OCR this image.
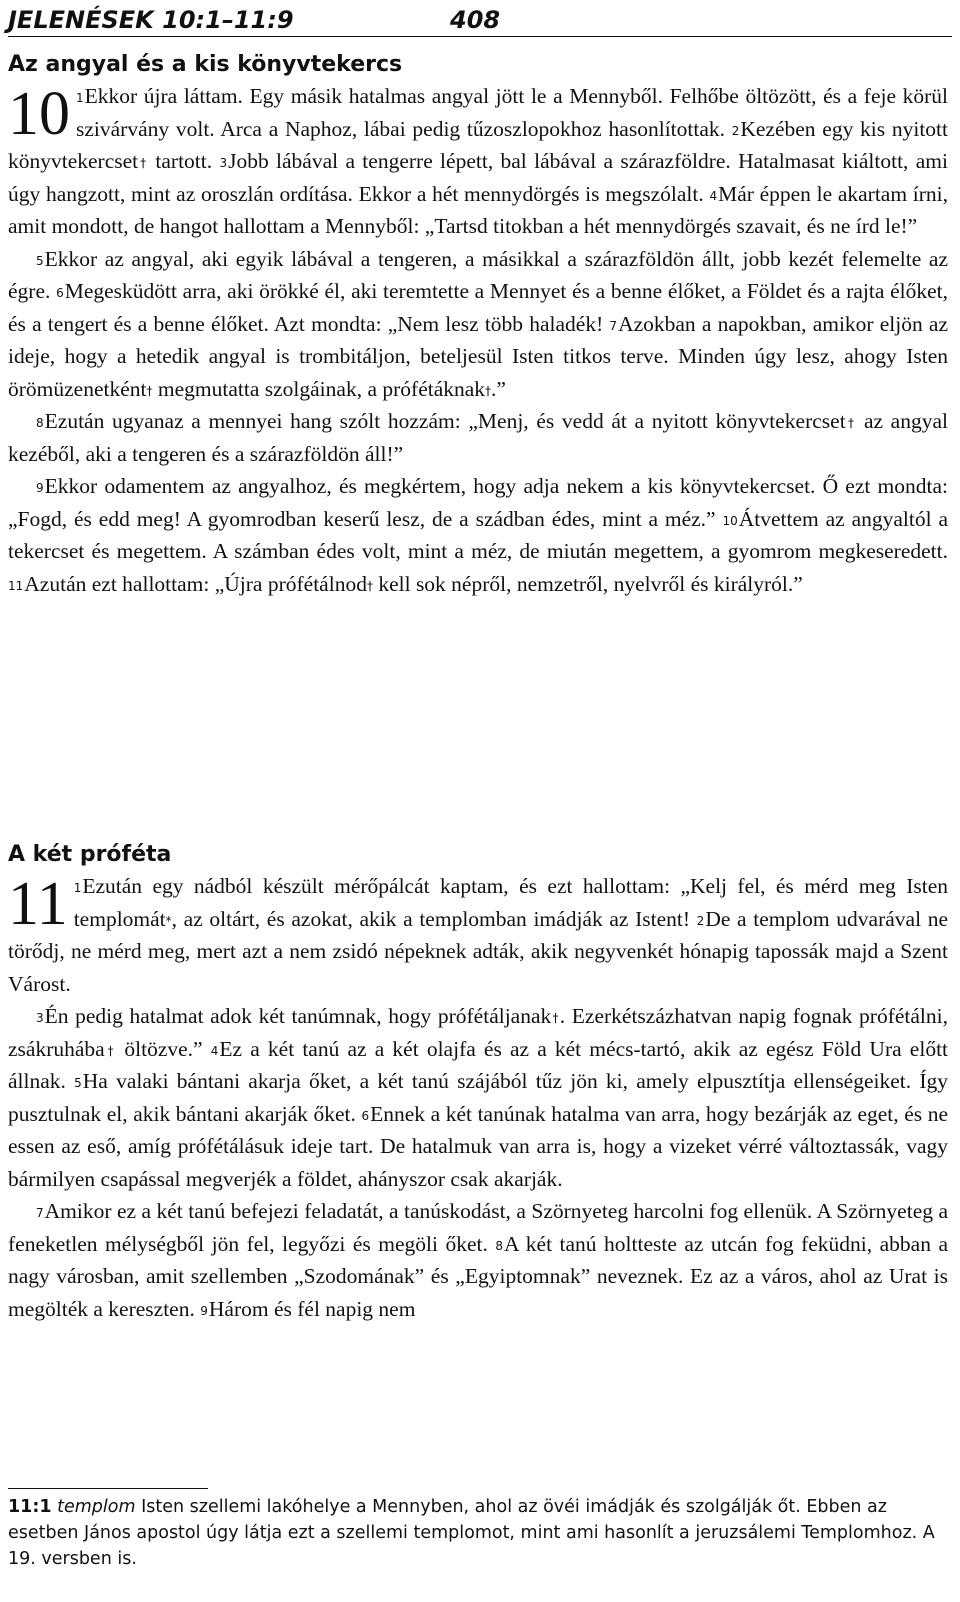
JELENÉSEK 10:1–11:9	408
Az angyal és a kis könyvtekercs

10 $^1$Ekkor újra láttam. Egy másik hatalmas angyal jött le a Mennyből. Felhőbe öltözött, és a feje körül szivárvány volt. Arca a Naphoz, lábai pedig tűzoszlopokhoz hasonlítottak. $^2$Kezében egy kis nyitott könyvtekercset† tartott. $^3$Jobb lábával a tengerre lépett, bal lábával a szárazföldre. Hatalmasat kiáltott, ami úgy hangzott, mint az oroszlán ordítása. Ekkor a hét mennydörgés is megszólalt. $^4$Már éppen le akartam írni, amit mondott, de hangot hallottam a Mennyből: „Tartsd titokban a hét mennydörgés szavait, és ne írd le!”

$^5$Ekkor az angyal, aki egyik lábával a tengeren, a másikkal a szárazföldön állt, jobb kezét felemelte az égre. $^6$Megesküdött arra, aki örökké él, aki teremtette a Mennyet és a benne élőket, a Földet és a rajta élőket, és a tengert és a benne élőket. Azt mondta: „Nem lesz több haladék! $^7$Azokban a napokban, amikor eljön az ideje, hogy a hetedik angyal is trombitáljon, beteljesül Isten titkos terve. Minden úgy lesz, ahogy Isten örömüzenetként† megmutatta szolgáinak, a prófétáknak†.”

$^8$Ezután ugyanaz a mennyei hang szólt hozzám: „Menj, és vedd át a nyitott könyvtekercset† az angyal kezéből, aki a tengeren és a szárazföldön áll!”

$^9$Ekkor odamentem az angyalhoz, és megkértem, hogy adja nekem a kis könyvtekercset. Ő ezt mondta: „Fogd, és edd meg! A gyomrodban keserű lesz, de a szádban édes, mint a méz.” $^{10}$Átvettem az angyaltól a tekercset és megettem. A számban édes volt, mint a méz, de miután megettem, a gyomrom megkeseredett. $^{11}$Azután ezt hallottam: „Újra prófétálnod† kell sok népről, nemzetről, nyelvről és királyról.”

A két próféta

11 $^1$Ezután egy nádból készült mérőpálcát kaptam, és ezt hallottam: „Kelj fel, és mérd meg Isten templomát*, az oltárt, és azokat, akik a templomban imádják az Istent! $^2$De a templom udvarával ne törődj, ne mérd meg, mert azt a nem zsidó népeknek adták, akik negyvenkét hónapig tapossák majd a Szent Várost.

$^3$Én pedig hatalmat adok két tanúmnak, hogy prófétáljanak†. Ezerkétszázhatvan napig fognak prófétálni, zsákruhába† öltözve.” $^4$Ez a két tanú az a két olajfa és az a két mécs-tartó, akik az egész Föld Ura előtt állnak. $^5$Ha valaki bántani akarja őket, a két tanú szájából tűz jön ki, amely elpusztítja ellenségeiket. Így pusztulnak el, akik bántani akarják őket. $^6$Ennek a két tanúnak hatalma van arra, hogy bezárják az eget, és ne essen az eső, amíg prófétálásuk ideje tart. De hatalmuk van arra is, hogy a vizeket vérré változtassák, vagy bármilyen csapással megverjék a földet, ahányszor csak akarják.

$^7$Amikor ez a két tanú befejezi feladatát, a tanúskodást, a Szörnyeteg harcolni fog ellenük. A Szörnyeteg a feneketlen mélységből jön fel, legyőzi és megöli őket. $^8$A két tanú holtteste az utcán fog feküdni, abban a nagy városban, amit szellemben „Szodomának” és „Egyiptomnak” neveznek. Ez az a város, ahol az Urat is megölték a kereszten. $^9$Három és fél napig nem

11:1 templom Isten szellemi lakóhelye a Mennyben, ahol az övéi imádják és szolgálják őt. Ebben az esetben János apostol úgy látja ezt a szellemi templomot, mint ami hasonlít a jeruzsálemi Templomhoz. A 19. versben is.
